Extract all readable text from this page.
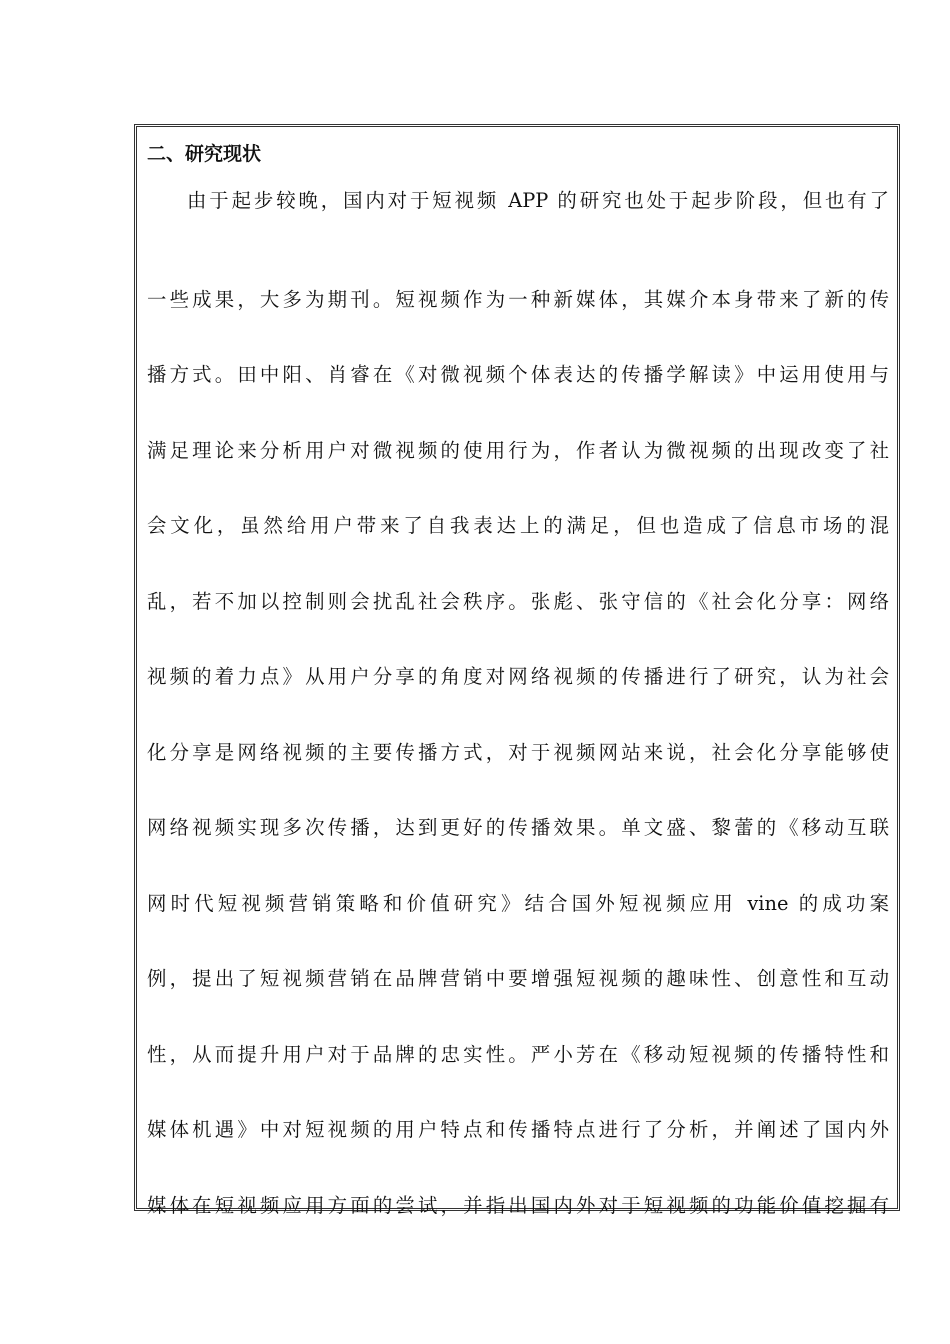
二、研究现状
由于起步较晚，国内对于短视频 APP 的研究也处于起步阶段，但也有了
一些成果，大多为期刊。短视频作为一种新媒体，其媒介本身带来了新的传
播方式。田中阳、肖睿在《对微视频个体表达的传播学解读》中运用使用与
满足理论来分析用户对微视频的使用行为，作者认为微视频的出现改变了社
会文化，虽然给用户带来了自我表达上的满足，但也造成了信息市场的混
乱，若不加以控制则会扰乱社会秩序。张彪、张守信的《社会化分享：网络
视频的着力点》从用户分享的角度对网络视频的传播进行了研究，认为社会
化分享是网络视频的主要传播方式，对于视频网站来说，社会化分享能够使
网络视频实现多次传播，达到更好的传播效果。单文盛、黎蕾的《移动互联
网时代短视频营销策略和价值研究》结合国外短视频应用 vine 的成功案
例，提出了短视频营销在品牌营销中要增强短视频的趣味性、创意性和互动
性，从而提升用户对于品牌的忠实性。严小芳在《移动短视频的传播特性和
媒体机遇》中对短视频的用户特点和传播特点进行了分析，并阐述了国内外
媒体在短视频应用方面的尝试，并指出国内外对于短视频的功能价值挖掘有
